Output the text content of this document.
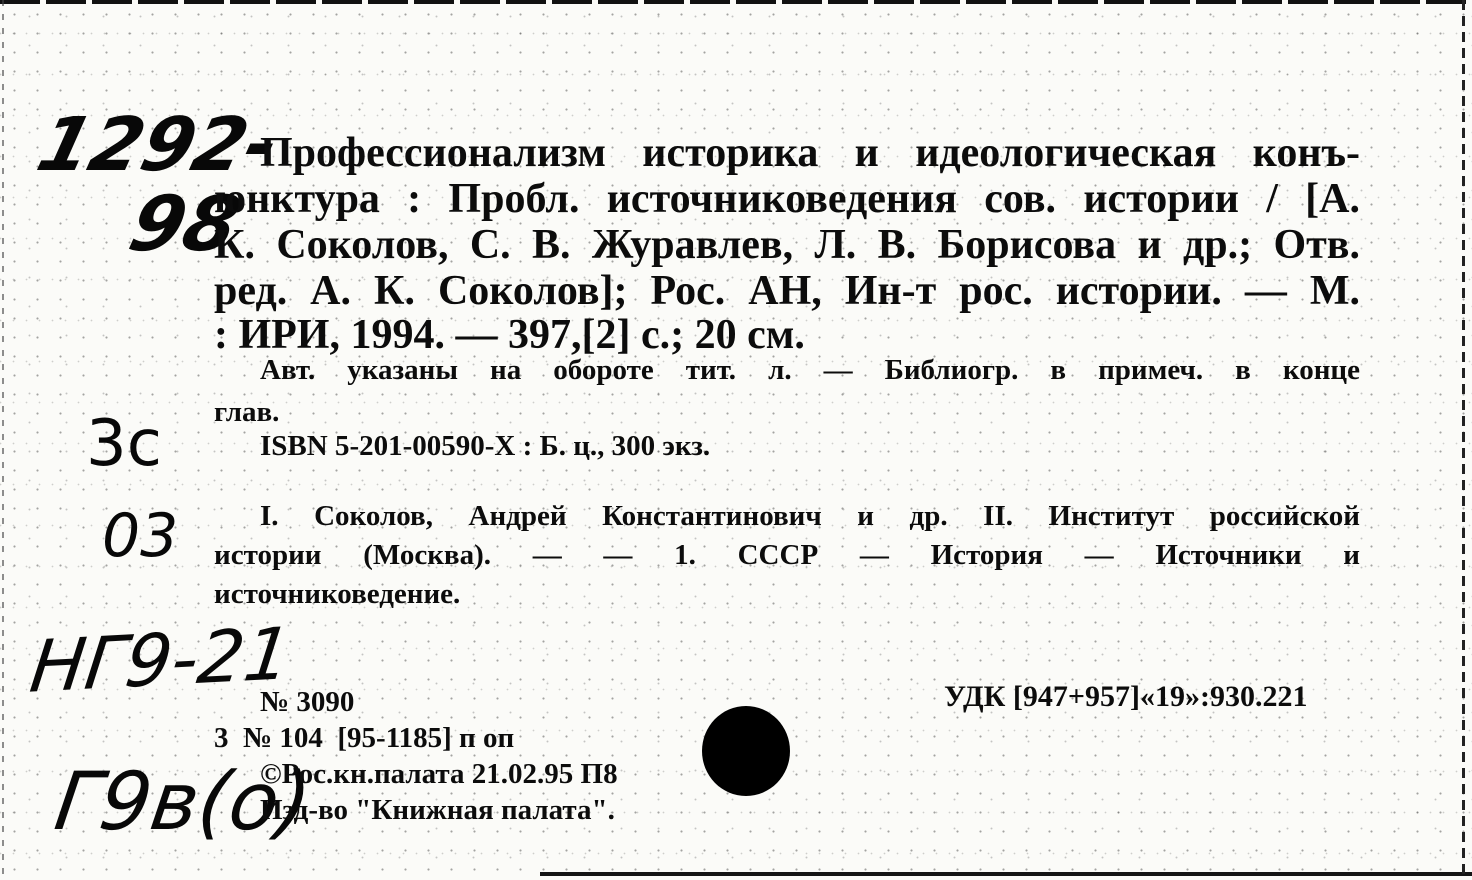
1292-
98
3c
03
НГ9-21
Г9в(о)
Профессионализм историка и идеологическая конъ-
юнктура : Пробл. источниковедения сов. истории / [А.
К. Соколов, С. В. Журавлев, Л. В. Борисова и др.; Отв.
ред. А. К. Соколов]; Рос. АН, Ин-т рос. истории. — М.
: ИРИ, 1994. — 397,[2] с.; 20 см.
Авт. указаны на обороте тит. л. — Библиогр. в примеч. в конце
глав.
ISBN 5-201-00590-X : Б. ц., 300 экз.
I. Соколов, Андрей Константинович и др. II. Институт российской
истории (Москва). — — 1. СССР — История — Источники и
источниковедение.
№ 3090	УДК [947+957]«19»:930.221
3  № 104  [95-1185] п оп
©Рос.кн.палата 21.02.95 П8
Изд-во "Книжная палата".
